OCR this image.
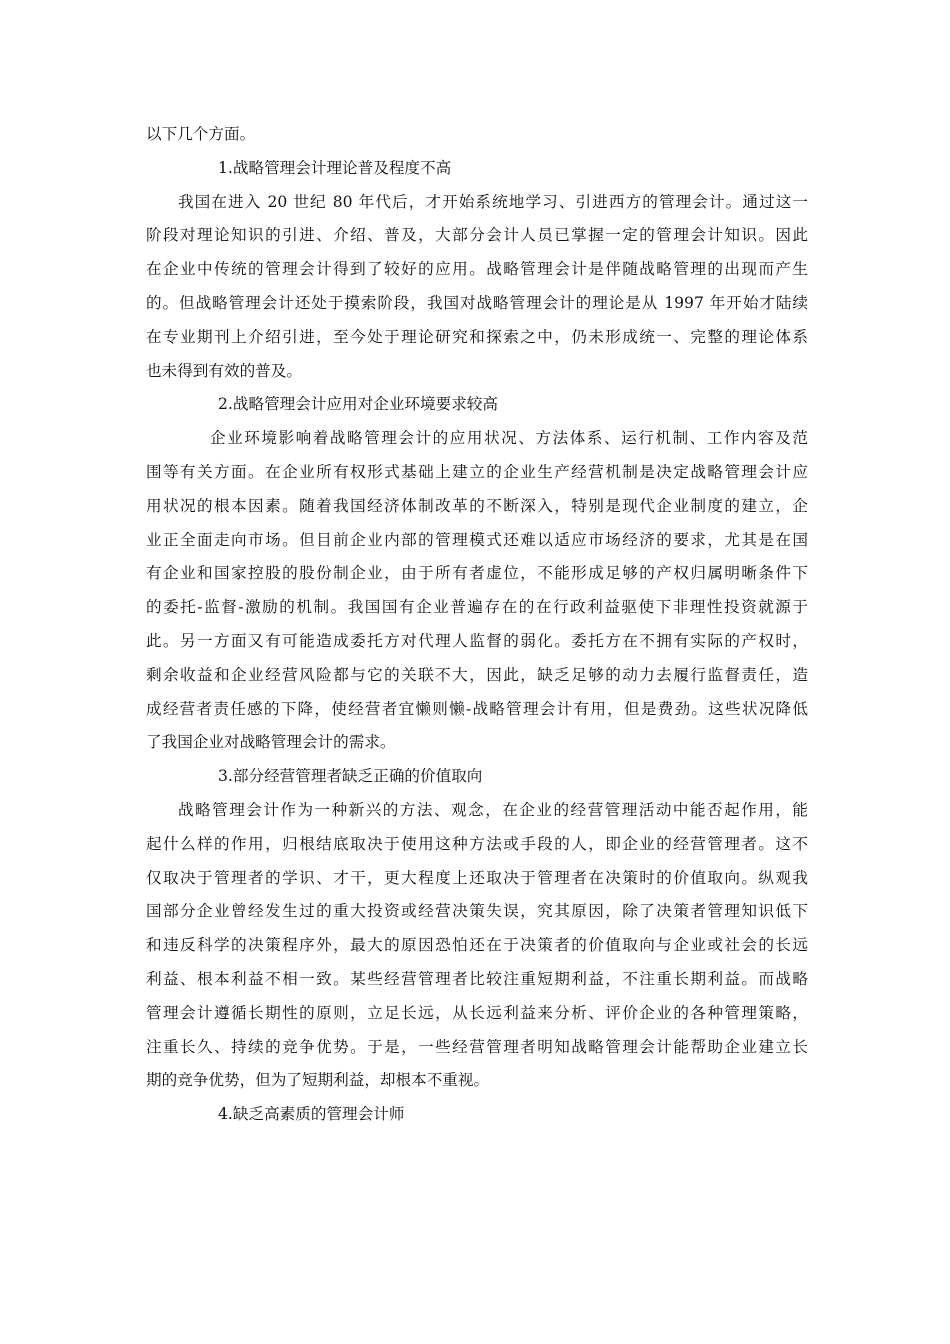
以下几个方面。
1.战略管理会计理论普及程度不高
我国在进入 20 世纪 80 年代后，才开始系统地学习、引进西方的管理会计。通过这一
阶段对理论知识的引进、介绍、普及，大部分会计人员已掌握一定的管理会计知识。因此
在企业中传统的管理会计得到了较好的应用。战略管理会计是伴随战略管理的出现而产生
的。但战略管理会计还处于摸索阶段，我国对战略管理会计的理论是从 1997 年开始才陆续
在专业期刊上介绍引进，至今处于理论研究和探索之中，仍未形成统一、完整的理论体系
也未得到有效的普及。
2.战略管理会计应用对企业环境要求较高
企业环境影响着战略管理会计的应用状况、方法体系、运行机制、工作内容及范
围等有关方面。在企业所有权形式基础上建立的企业生产经营机制是决定战略管理会计应
用状况的根本因素。随着我国经济体制改革的不断深入，特别是现代企业制度的建立，企
业正全面走向市场。但目前企业内部的管理模式还难以适应市场经济的要求，尤其是在国
有企业和国家控股的股份制企业，由于所有者虚位，不能形成足够的产权归属明晰条件下
的委托-监督-激励的机制。我国国有企业普遍存在的在行政利益驱使下非理性投资就源于
此。另一方面又有可能造成委托方对代理人监督的弱化。委托方在不拥有实际的产权时，
剩余收益和企业经营风险都与它的关联不大，因此，缺乏足够的动力去履行监督责任，造
成经营者责任感的下降，使经营者宜懒则懒-战略管理会计有用，但是费劲。这些状况降低
了我国企业对战略管理会计的需求。
3.部分经营管理者缺乏正确的价值取向
战略管理会计作为一种新兴的方法、观念，在企业的经营管理活动中能否起作用，能
起什么样的作用，归根结底取决于使用这种方法或手段的人，即企业的经营管理者。这不
仅取决于管理者的学识、才干，更大程度上还取决于管理者在决策时的价值取向。纵观我
国部分企业曾经发生过的重大投资或经营决策失误，究其原因，除了决策者管理知识低下
和违反科学的决策程序外，最大的原因恐怕还在于决策者的价值取向与企业或社会的长远
利益、根本利益不相一致。某些经营管理者比较注重短期利益，不注重长期利益。而战略
管理会计遵循长期性的原则，立足长远，从长远利益来分析、评价企业的各种管理策略，
注重长久、持续的竞争优势。于是，一些经营管理者明知战略管理会计能帮助企业建立长
期的竞争优势，但为了短期利益，却根本不重视。
4.缺乏高素质的管理会计师
